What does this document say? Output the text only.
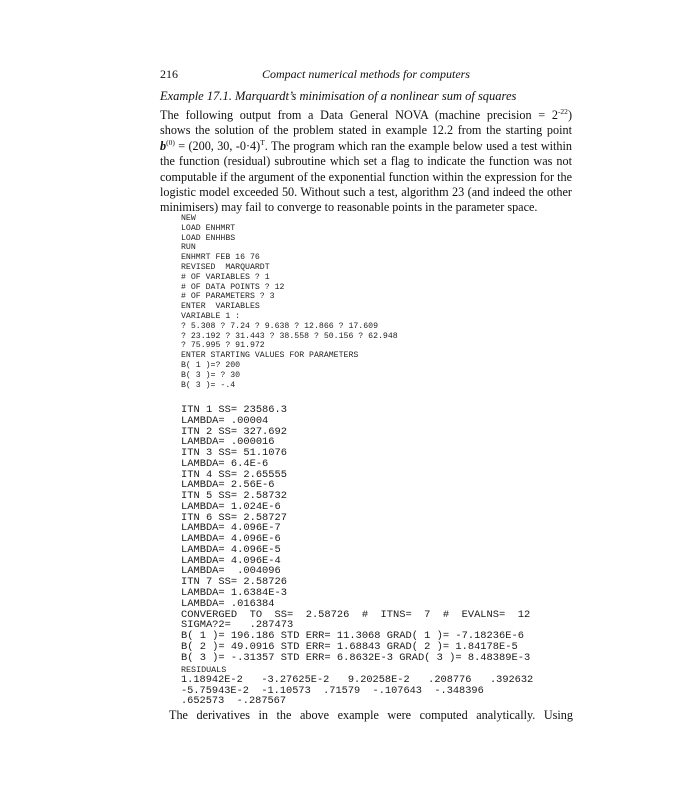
216	Compact numerical methods for computers
Example 17.1. Marquardt’s minimisation of a nonlinear sum of squares
The following output from a Data General NOVA (machine precision = $2^{-22}$)
shows the solution of the problem stated in example 12.2 from the starting point
$b^{(0)} = (200$, 30, -0·4)$^T$. The program which ran the example below used a test within
the function (residual) subroutine which set a flag to indicate the function was not
computable if the argument of the exponential function within the expression for the
logistic model exceeded 50. Without such a test, algorithm 23 (and indeed the other
minimisers) may fail to converge to reasonable points in the parameter space.
NEW
LOAD ENHMRT
LOAD ENHHBS
RUN
ENHMRT FEB 16 76
REVISED  MARQUARDT
# OF VARIABLES ? 1
# OF DATA POINTS ? 12
# OF PARAMETERS ? 3
ENTER  VARIABLES
VARIABLE 1 :
? 5.308 ? 7.24 ? 9.638 ? 12.866 ? 17.609
? 23.192 ? 31.443 ? 38.558 ? 50.156 ? 62.948
? 75.995 ? 91.972
ENTER STARTING VALUES FOR PARAMETERS
B( 1 )=? 200
B( 3 )= ? 30
B( 3 )= -.4
ITN 1 SS= 23586.3
LAMBDA= .00004
ITN 2 SS= 327.692
LAMBDA= .000016
ITN 3 SS= 51.1076
LAMBDA= 6.4E-6
ITN 4 SS= 2.65555
LAMBDA= 2.56E-6
ITN 5 SS= 2.58732
LAMBDA= 1.024E-6
ITN 6 SS= 2.58727
LAMBDA= 4.096E-7
LAMBDA= 4.096E-6
LAMBDA= 4.096E-5
LAMBDA= 4.096E-4
LAMBDA=  .004096
ITN 7 SS= 2.58726
LAMBDA= 1.6384E-3
LAMBDA= .016384
CONVERGED  TO  SS=  2.58726  #  ITNS=  7  #  EVALNS=  12
SIGMA?2=   .287473
B( 1 )= 196.186 STD ERR= 11.3068 GRAD( 1 )= -7.18236E-6
B( 2 )= 49.0916 STD ERR= 1.68843 GRAD( 2 )= 1.84178E-5
B( 3 )= -.31357 STD ERR= 6.8632E-3 GRAD( 3 )= 8.48389E-3
RESIDUALS
1.18942E-2   -3.27625E-2   9.20258E-2   .208776   .392632
-5.75943E-2  -1.10573  .71579  -.107643  -.348396
.652573  -.287567
The derivatives in the above example were computed analytically. Using
